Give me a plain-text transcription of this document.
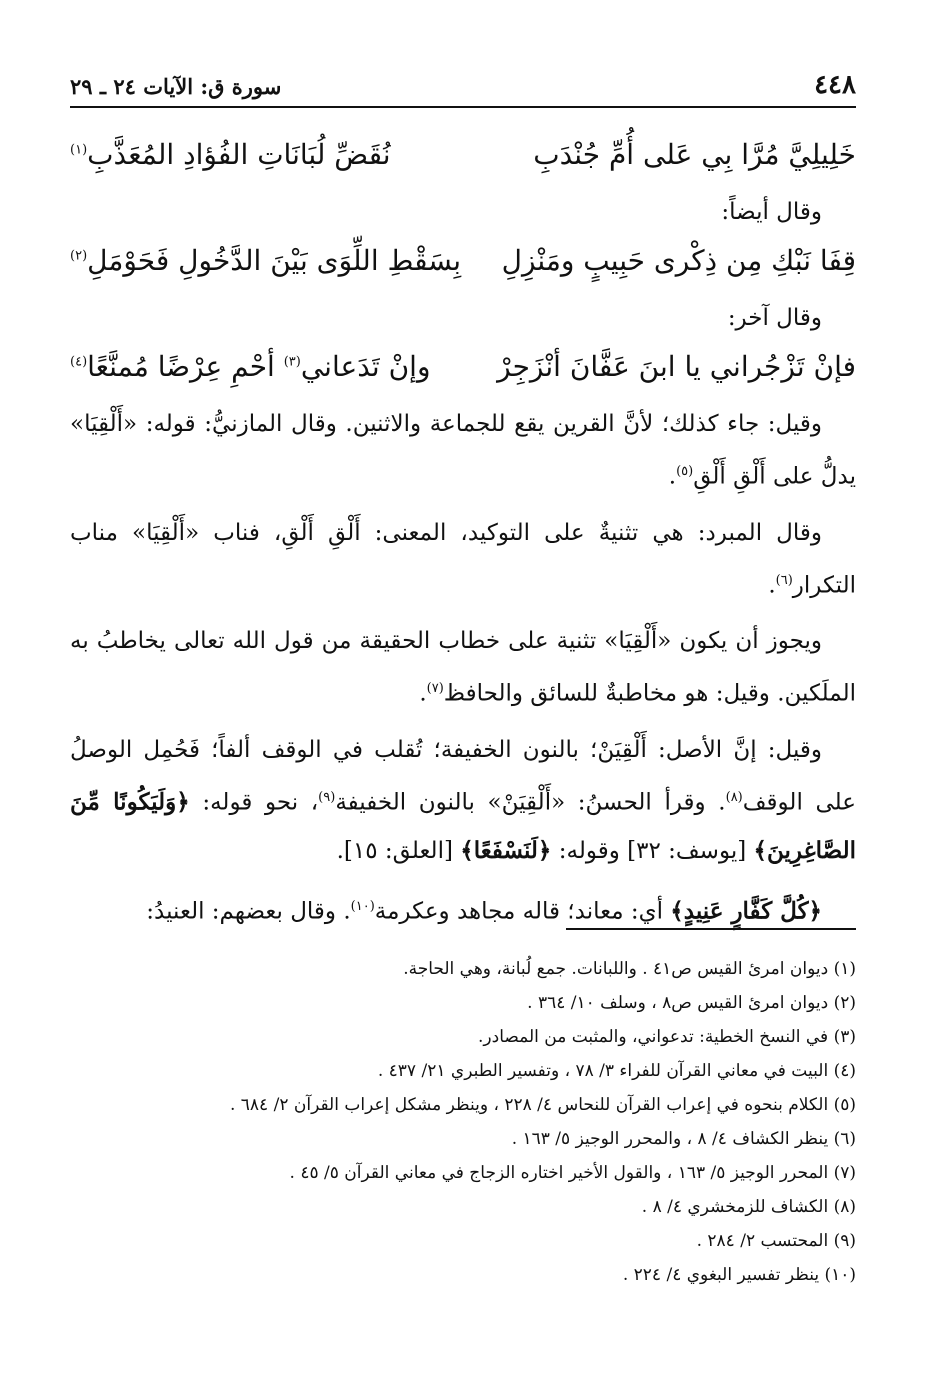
٤٤٨
سورة ق: الآيات ٢٤ ـ ٢٩
خَلِيلِيَّ مُرَّا بِي عَلى أُمِّ جُنْدَبِ
نُقَضِّ لُبَانَاتِ الفُؤادِ المُعَذَّبِ$^{(١)}$
وقال أيضاً:
قِفَا نَبْكِ مِن ذِكْرى حَبِيبٍ ومَنْزِلِ
بِسَقْطِ اللِّوَى بَيْنَ الدَّخُولِ فَحَوْمَلِ$^{(٢)}$
وقال آخر:
فإنْ تَزْجُراني يا ابنَ عَفَّانَ أنْزَجِرْ
وإنْ تَدَعاني$^{(٣)}$ أحْمِ عِرْضًا مُمنَّعًا$^{(٤)}$

وقيل: جاء كذلك؛ لأنَّ القرين يقع للجماعة والاثنين. وقال المازنيُّ: قوله: «أَلْقِيَا» يدلُّ على أَلْقِ أَلْقِ$^{(٥)}$.

وقال المبرد: هي تثنيةٌ على التوكيد، المعنى: أَلْقِ أَلْقِ، فناب «أَلْقِيَا» مناب التكرار$^{(٦)}$.

ويجوز أن يكون «أَلْقِيَا» تثنية على خطاب الحقيقة من قول الله تعالى يخاطبُ به الملَكين. وقيل: هو مخاطبةٌ للسائق والحافظ$^{(٧)}$.

وقيل: إنَّ الأصل: أَلْقِيَنْ؛ بالنون الخفيفة؛ تُقلب في الوقف ألفاً؛ فَحُمِل الوصلُ على الوقف$^{(٨)}$. وقرأ الحسنُ: «أَلْقِيَنْ» بالنون الخفيفة$^{(٩)}$، نحو قوله: ﴿وَلَيَكُونًا مِّنَ الصَّاغِرِينَ﴾ [يوسف: ٣٢] وقوله: ﴿لَنَسْفَعًا﴾ [العلق: ١٥].

﴿كُلَّ كَفَّارٍ عَنِيدٍ﴾ أي: معاند؛ قاله مجاهد وعكرمة$^{(١٠)}$. وقال بعضهم: العنيدُ:

(١) ديوان امرئ القيس ص٤١ . واللبانات. جمع لُبانة، وهي الحاجة.
(٢) ديوان امرئ القيس ص٨ ، وسلف ١٠/ ٣٦٤ .
(٣) في النسخ الخطية: تدعواني، والمثبت من المصادر.
(٤) البيت في معاني القرآن للفراء ٣/ ٧٨ ، وتفسير الطبري ٢١/ ٤٣٧ .
(٥) الكلام بنحوه في إعراب القرآن للنحاس ٤/ ٢٢٨ ، وينظر مشكل إعراب القرآن ٢/ ٦٨٤ .
(٦) ينظر الكشاف ٤/ ٨ ، والمحرر الوجيز ٥/ ١٦٣ .
(٧) المحرر الوجيز ٥/ ١٦٣ ، والقول الأخير اختاره الزجاج في معاني القرآن ٥/ ٤٥ .
(٨) الكشاف للزمخشري ٤/ ٨ .
(٩) المحتسب ٢/ ٢٨٤ .
(١٠) ينظر تفسير البغوي ٤/ ٢٢٤ .
